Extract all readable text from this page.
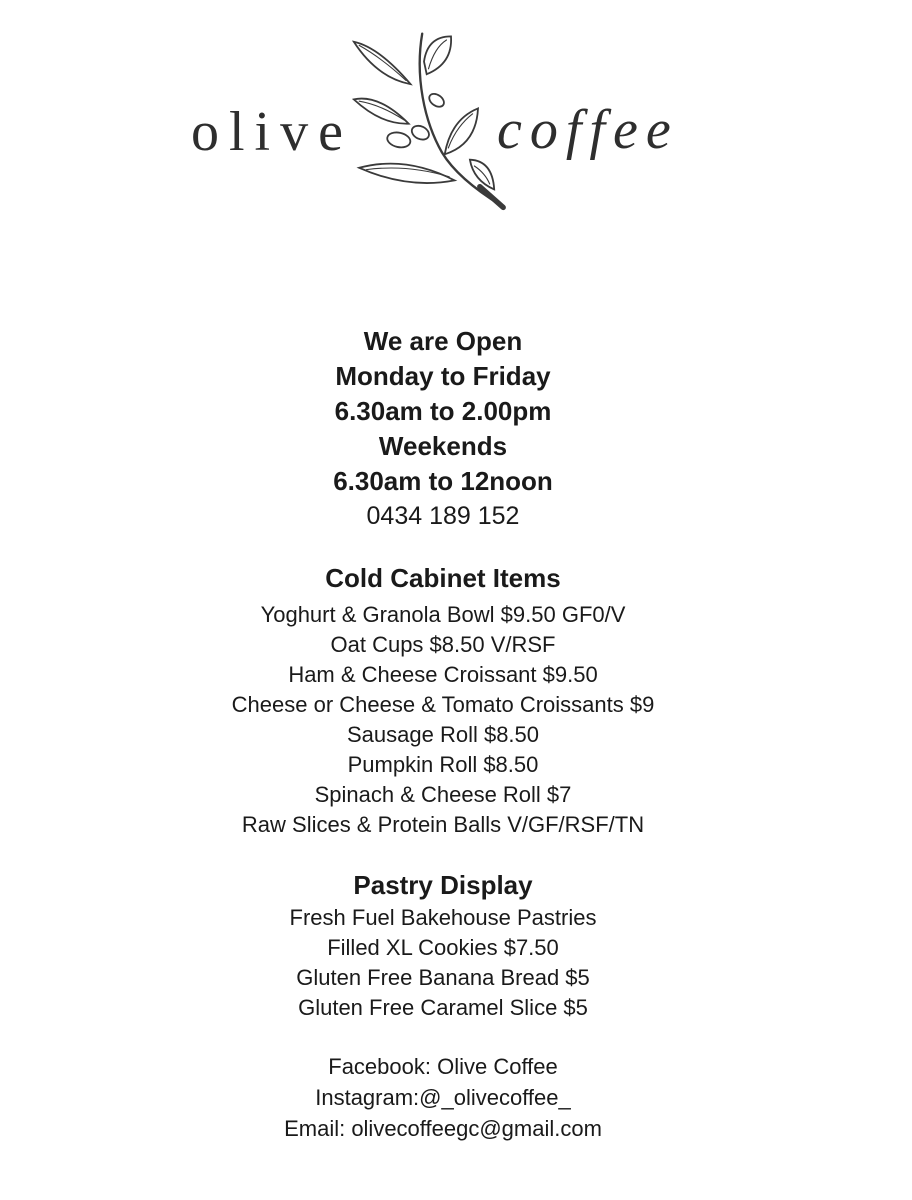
olive	coffee

We are Open

Monday to Friday

6.30am to 2.00pm

Weekends

6.30am to 12noon

0434 189 152

Cold Cabinet Items

Yoghurt & Granola Bowl $9.50 GF0/V

Oat Cups $8.50 V/RSF

Ham & Cheese Croissant $9.50

Cheese or Cheese & Tomato Croissants $9

Sausage Roll $8.50

Pumpkin Roll $8.50

Spinach & Cheese Roll $7

Raw Slices & Protein Balls V/GF/RSF/TN

Pastry Display

Fresh Fuel Bakehouse Pastries

Filled XL Cookies $7.50

Gluten Free Banana Bread $5

Gluten Free Caramel Slice $5

Facebook: Olive Coffee

Instagram:@_olivecoffee_

Email: olivecoffeegc@gmail.com
